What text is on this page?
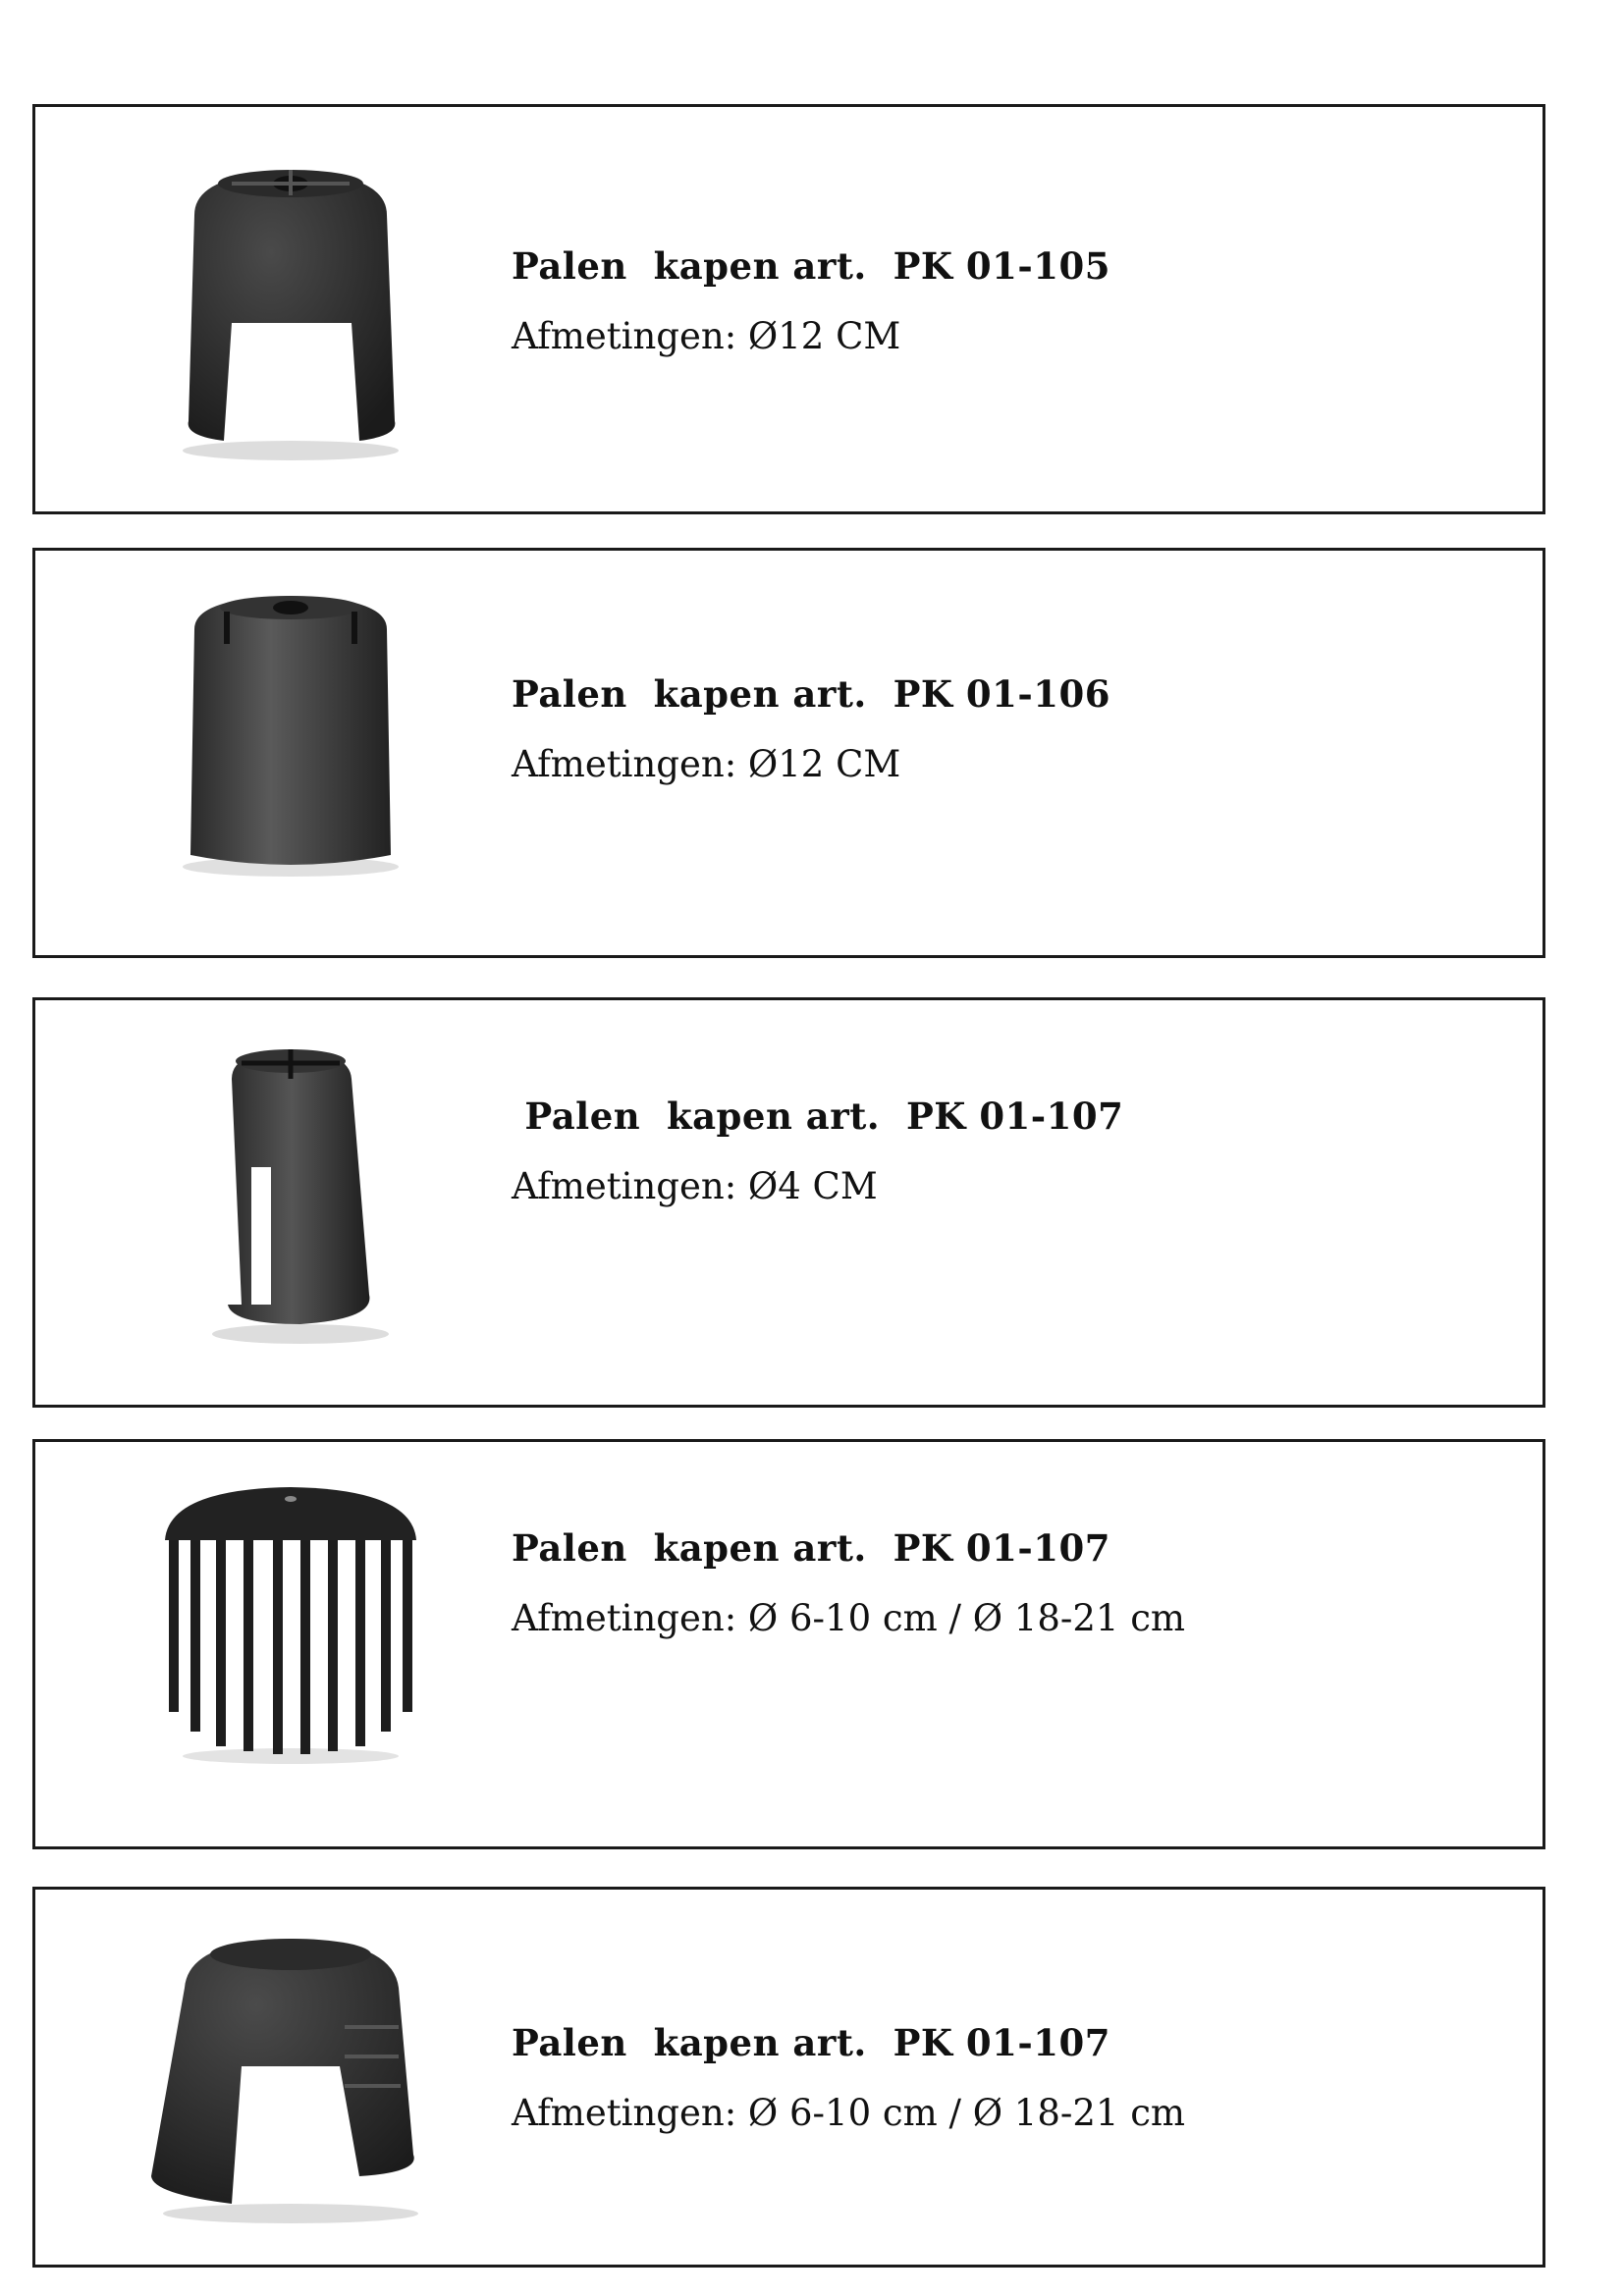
Palen  kapen art.  PK 01-105
Afmetingen: Ø12 CM
Palen  kapen art.  PK 01-106
Afmetingen: Ø12 CM
Palen  kapen art.  PK 01-107
Afmetingen: Ø4 CM
Palen  kapen art.  PK 01-107
Afmetingen: Ø 6-10 cm / Ø 18-21 cm
Palen  kapen art.  PK 01-107
Afmetingen: Ø 6-10 cm / Ø 18-21 cm
